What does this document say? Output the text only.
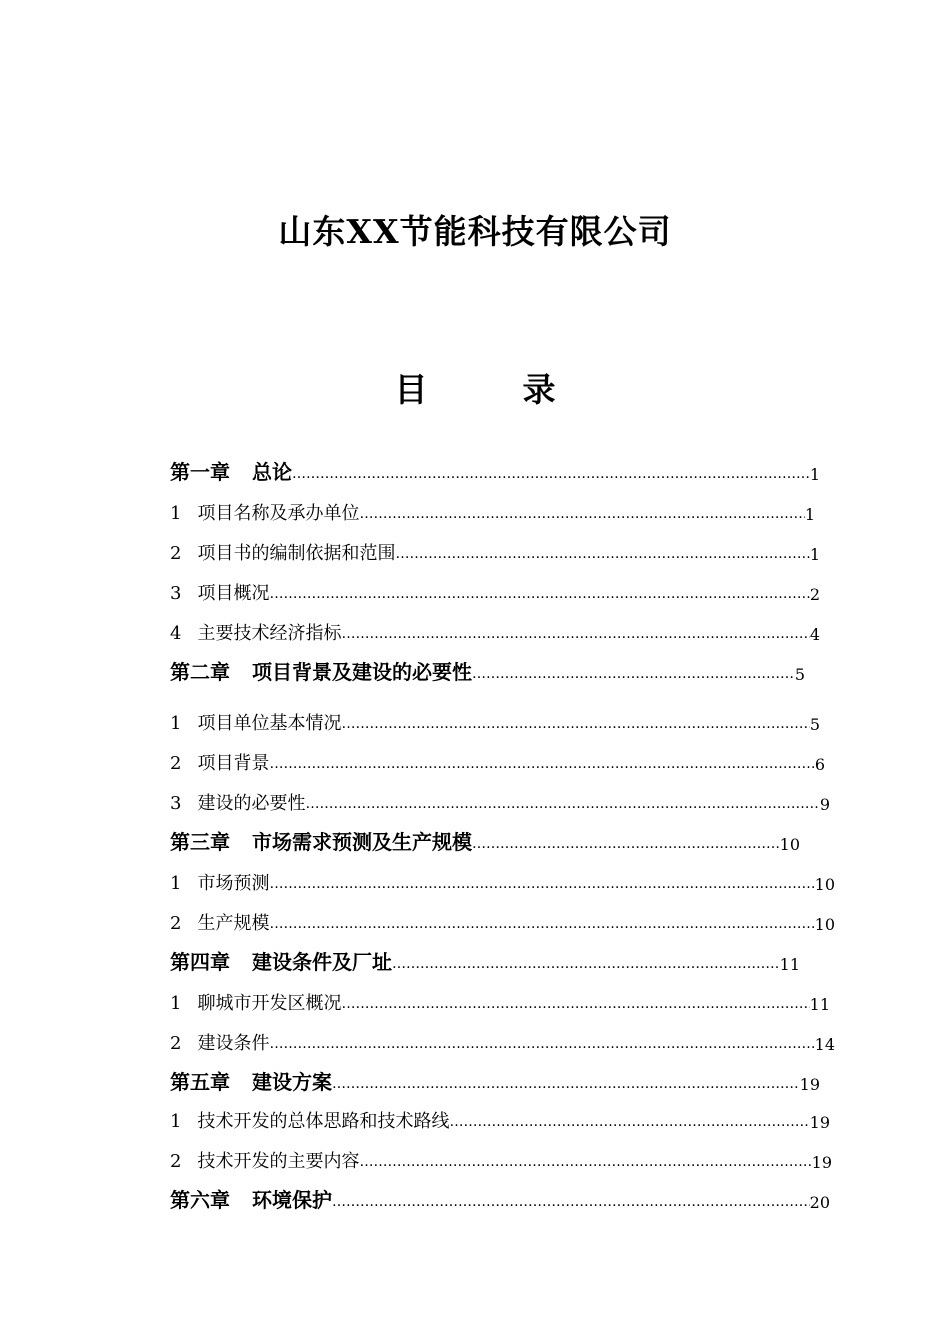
山东XX节能科技有限公司
目	录
第一章 总论 ……………………………………………………………………………………………………………………………………………………………………	1
1 项目名称及承办单位 ……………………………………………………………………………………………………………………………………………………………………	1
2 项目书的编制依据和范围 ……………………………………………………………………………………………………………………………………………………………………	1
3 项目概况 ……………………………………………………………………………………………………………………………………………………………………	2
4 主要技术经济指标 ……………………………………………………………………………………………………………………………………………………………………	4
第二章 项目背景及建设的必要性 ……………………………………………………………………………………………………………………………………………………………………	5
1 项目单位基本情况 ……………………………………………………………………………………………………………………………………………………………………	5
2 项目背景 ……………………………………………………………………………………………………………………………………………………………………	6
3 建设的必要性 ……………………………………………………………………………………………………………………………………………………………………	9
第三章 市场需求预测及生产规模 ……………………………………………………………………………………………………………………………………………………………………	10
1 市场预测 ……………………………………………………………………………………………………………………………………………………………………	10
2 生产规模 ……………………………………………………………………………………………………………………………………………………………………	10
第四章 建设条件及厂址 ……………………………………………………………………………………………………………………………………………………………………	11
1 聊城市开发区概况 ……………………………………………………………………………………………………………………………………………………………………	11
2 建设条件 ……………………………………………………………………………………………………………………………………………………………………	14
第五章 建设方案 ……………………………………………………………………………………………………………………………………………………………………	19
1 技术开发的总体思路和技术路线 ……………………………………………………………………………………………………………………………………………………………………	19
2 技术开发的主要内容 ……………………………………………………………………………………………………………………………………………………………………	19
第六章 环境保护 ……………………………………………………………………………………………………………………………………………………………………	20
